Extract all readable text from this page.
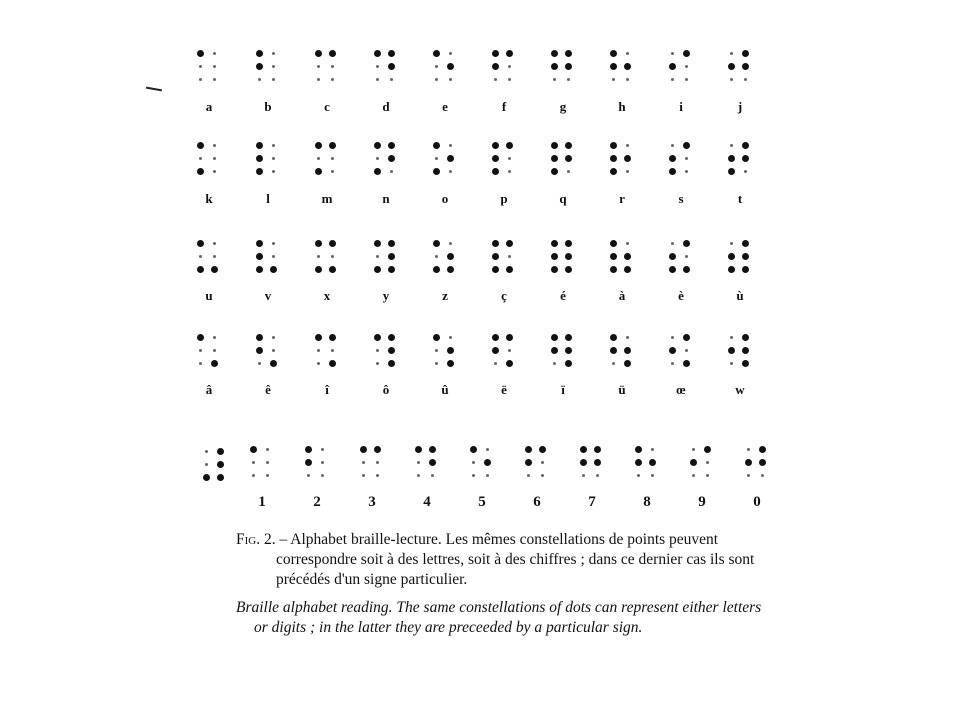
a	b	c	d	e	f	g	h	i	j
k	l	m	n	o	p	q	r	s	t
u	v	x	y	z	ç	é	à	è	ù
â	ê	î	ô	û	ë	ï	ü	œ	w
1	2	3	4	5	6	7	8	9	0

Fig. 2. – Alphabet braille-lecture. Les mêmes constellations de points peuvent correspondre soit à des lettres, soit à des chiffres ; dans ce dernier cas ils sont précédés d'un signe particulier.

Braille alphabet reading. The same constellations of dots can represent either letters or digits ; in the latter they are preceeded by a particular sign.
